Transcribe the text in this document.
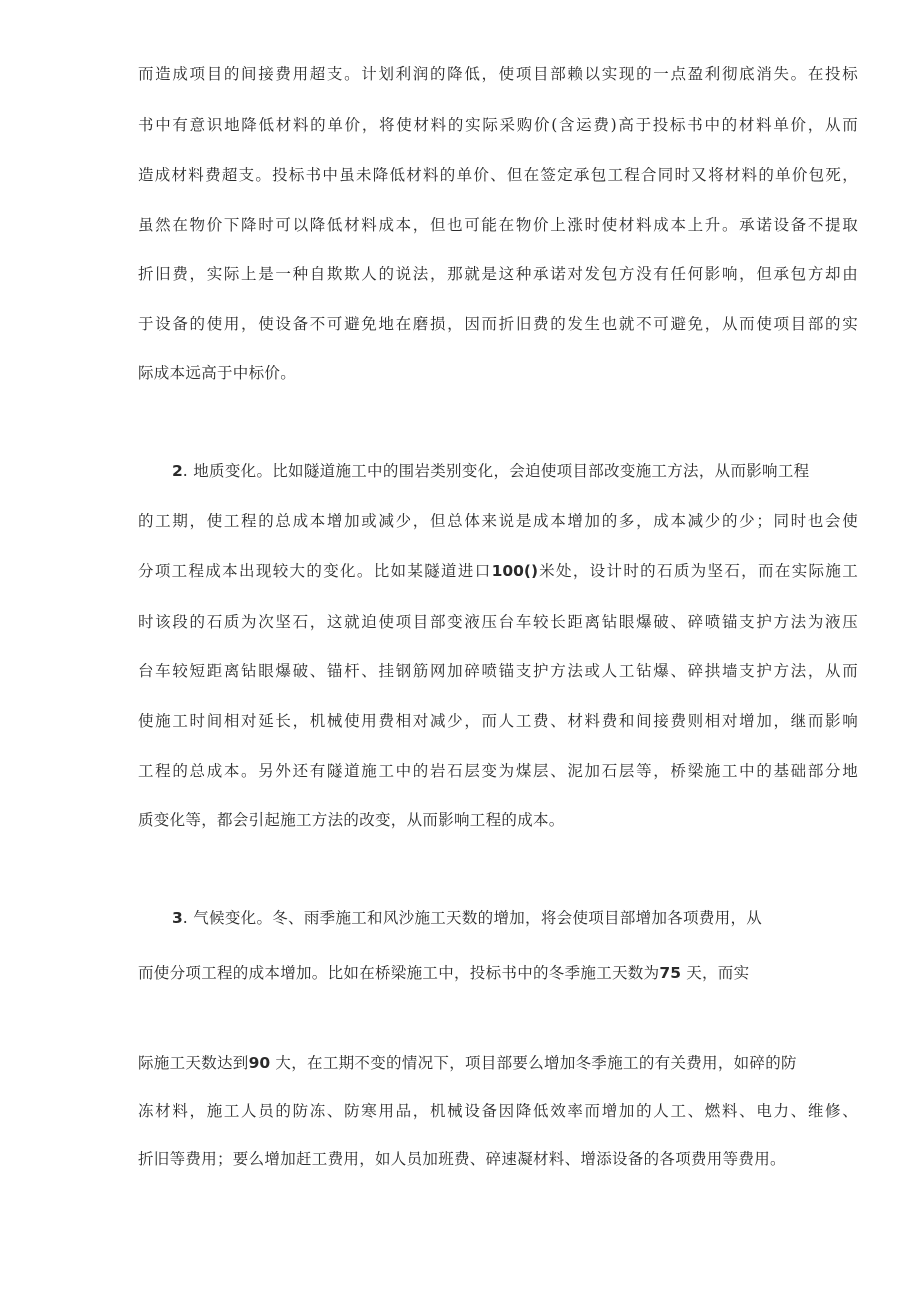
而造成项目的间接费用超支。计划利润的降低，使项目部赖以实现的一点盈利彻底消失。在投标
书中有意识地降低材料的单价，将使材料的实际采购价(含运费)高于投标书中的材料单价，从而
造成材料费超支。投标书中虽未降低材料的单价、但在签定承包工程合同时又将材料的单价包死，
虽然在物价下降时可以降低材料成本，但也可能在物价上涨时使材料成本上升。承诺设备不提取
折旧费，实际上是一种自欺欺人的说法，那就是这种承诺对发包方没有任何影响，但承包方却由
于设备的使用，使设备不可避免地在磨损，因而折旧费的发生也就不可避免，从而使项目部的实
际成本远高于中标价。
2. 地质变化。比如隧道施工中的围岩类别变化，会迫使项目部改变施工方法，从而影响工程
的工期，使工程的总成本增加或减少，但总体来说是成本增加的多，成本减少的少；同时也会使
分项工程成本出现较大的变化。比如某隧道进口100()米处，设计时的石质为坚石，而在实际施工
时该段的石质为次坚石，这就迫使项目部变液压台车较长距离钻眼爆破、碎喷锚支护方法为液压
台车较短距离钻眼爆破、锚杆、挂钢筋网加碎喷锚支护方法或人工钻爆、碎拱墙支护方法，从而
使施工时间相对延长，机械使用费相对减少，而人工费、材料费和间接费则相对增加，继而影响
工程的总成本。另外还有隧道施工中的岩石层变为煤层、泥加石层等，桥梁施工中的基础部分地
质变化等，都会引起施工方法的改变，从而影响工程的成本。
3. 气候变化。冬、雨季施工和风沙施工天数的增加，将会使项目部增加各项费用，从
而使分项工程的成本增加。比如在桥梁施工中，投标书中的冬季施工天数为75 天，而实
际施工天数达到90 大，在工期不变的情况下，项目部要么增加冬季施工的有关费用，如碎的防
冻材料，施工人员的防冻、防寒用品，机械设备因降低效率而增加的人工、燃料、电力、维修、
折旧等费用；要么增加赶工费用，如人员加班费、碎速凝材料、增添设备的各项费用等费用。
